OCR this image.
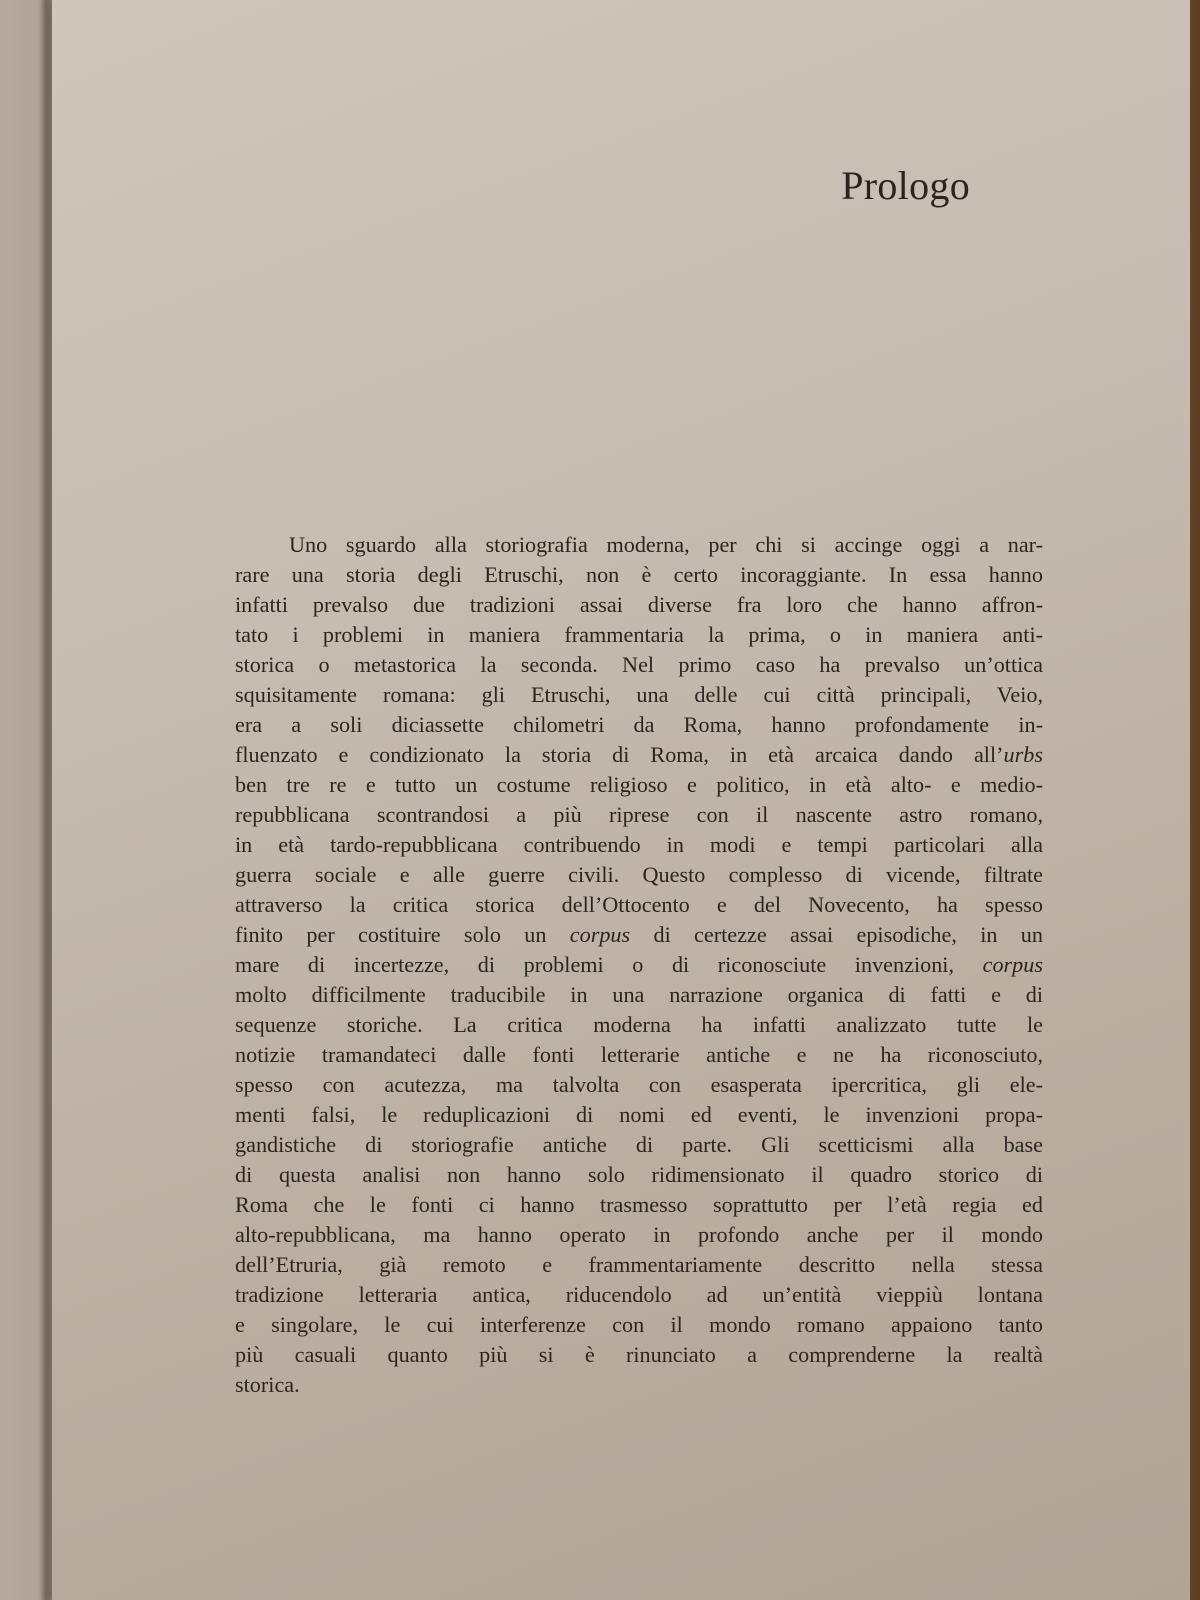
Prologo
Uno sguardo alla storiografia moderna, per chi si accinge oggi a nar-
rare una storia degli Etruschi, non è certo incoraggiante. In essa hanno
infatti prevalso due tradizioni assai diverse fra loro che hanno affron-
tato i problemi in maniera frammentaria la prima, o in maniera anti-
storica o metastorica la seconda. Nel primo caso ha prevalso un’ottica
squisitamente romana: gli Etruschi, una delle cui città principali, Veio,
era a soli diciassette chilometri da Roma, hanno profondamente in-
fluenzato e condizionato la storia di Roma, in età arcaica dando all’urbs
ben tre re e tutto un costume religioso e politico, in età alto- e medio-
repubblicana scontrandosi a più riprese con il nascente astro romano,
in età tardo-repubblicana contribuendo in modi e tempi particolari alla
guerra sociale e alle guerre civili. Questo complesso di vicende, filtrate
attraverso la critica storica dell’Ottocento e del Novecento, ha spesso
finito per costituire solo un corpus di certezze assai episodiche, in un
mare di incertezze, di problemi o di riconosciute invenzioni, corpus
molto difficilmente traducibile in una narrazione organica di fatti e di
sequenze storiche. La critica moderna ha infatti analizzato tutte le
notizie tramandateci dalle fonti letterarie antiche e ne ha riconosciuto,
spesso con acutezza, ma talvolta con esasperata ipercritica, gli ele-
menti falsi, le reduplicazioni di nomi ed eventi, le invenzioni propa-
gandistiche di storiografie antiche di parte. Gli scetticismi alla base
di questa analisi non hanno solo ridimensionato il quadro storico di
Roma che le fonti ci hanno trasmesso soprattutto per l’età regia ed
alto-repubblicana, ma hanno operato in profondo anche per il mondo
dell’Etruria, già remoto e frammentariamente descritto nella stessa
tradizione letteraria antica, riducendolo ad un’entità vieppiù lontana
e singolare, le cui interferenze con il mondo romano appaiono tanto
più casuali quanto più si è rinunciato a comprenderne la realtà
storica.
